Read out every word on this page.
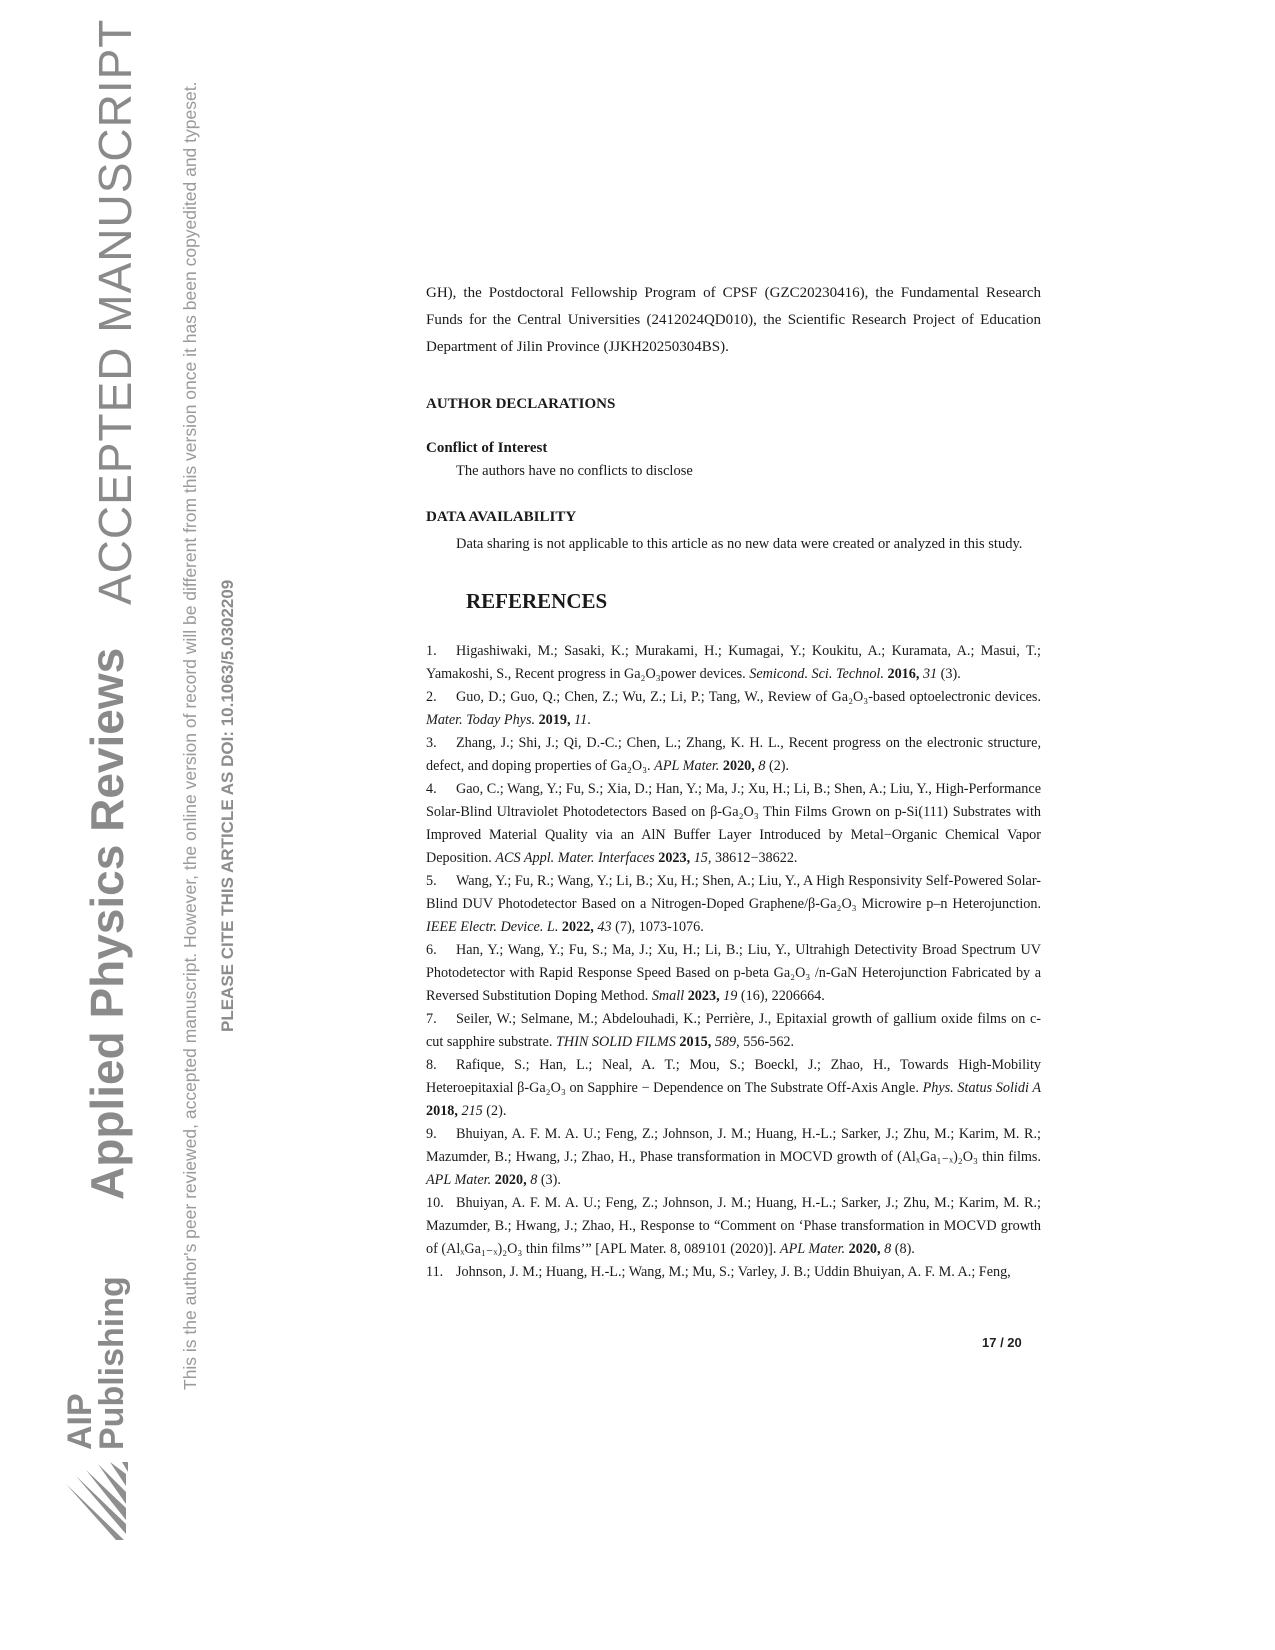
ACCEPTED MANUSCRIPT
Applied Physics Reviews	This is the author's peer reviewed, accepted manuscript. However, the online version of record will be different from this version once it has been copyedited and typeset. PLEASE CITE THIS ARTICLE AS DOI: 10.1063/5.0302209
AIP
Publishing

GH), the Postdoctoral Fellowship Program of CPSF (GZC20230416), the Fundamental Research Funds for the Central Universities (2412024QD010), the Scientific Research Project of Education Department of Jilin Province (JJKH20250304BS).

AUTHOR DECLARATIONS
Conflict of Interest
The authors have no conflicts to disclose
DATA AVAILABILITY
Data sharing is not applicable to this article as no new data were created or analyzed in this study.
REFERENCES

1. Higashiwaki, M.; Sasaki, K.; Murakami, H.; Kumagai, Y.; Koukitu, A.; Kuramata, A.; Masui, T.; Yamakoshi, S., Recent progress in Ga₂O₃power devices. Semicond. Sci. Technol. 2016, 31 (3).

2. Guo, D.; Guo, Q.; Chen, Z.; Wu, Z.; Li, P.; Tang, W., Review of Ga₂O₃-based optoelectronic devices. Mater. Today Phys. 2019, 11.

3. Zhang, J.; Shi, J.; Qi, D.-C.; Chen, L.; Zhang, K. H. L., Recent progress on the electronic structure, defect, and doping properties of Ga₂O₃. APL Mater. 2020, 8 (2).

4. Gao, C.; Wang, Y.; Fu, S.; Xia, D.; Han, Y.; Ma, J.; Xu, H.; Li, B.; Shen, A.; Liu, Y., High-Performance Solar-Blind Ultraviolet Photodetectors Based on β-Ga₂O₃ Thin Films Grown on p-Si(111) Substrates with Improved Material Quality via an AlN Buffer Layer Introduced by Metal−Organic Chemical Vapor Deposition. ACS Appl. Mater. Interfaces 2023, 15, 38612−38622.

5. Wang, Y.; Fu, R.; Wang, Y.; Li, B.; Xu, H.; Shen, A.; Liu, Y., A High Responsivity Self-Powered Solar-Blind DUV Photodetector Based on a Nitrogen-Doped Graphene/β-Ga₂O₃ Microwire p–n Heterojunction. IEEE Electr. Device. L. 2022, 43 (7), 1073-1076.

6. Han, Y.; Wang, Y.; Fu, S.; Ma, J.; Xu, H.; Li, B.; Liu, Y., Ultrahigh Detectivity Broad Spectrum UV Photodetector with Rapid Response Speed Based on p-beta Ga₂O₃ /n-GaN Heterojunction Fabricated by a Reversed Substitution Doping Method. Small 2023, 19 (16), 2206664.

7. Seiler, W.; Selmane, M.; Abdelouhadi, K.; Perrière, J., Epitaxial growth of gallium oxide films on c-cut sapphire substrate. THIN SOLID FILMS 2015, 589, 556-562.

8. Rafique, S.; Han, L.; Neal, A. T.; Mou, S.; Boeckl, J.; Zhao, H., Towards High-Mobility Heteroepitaxial β-Ga₂O₃ on Sapphire − Dependence on The Substrate Off-Axis Angle. Phys. Status Solidi A 2018, 215 (2).

9. Bhuiyan, A. F. M. A. U.; Feng, Z.; Johnson, J. M.; Huang, H.-L.; Sarker, J.; Zhu, M.; Karim, M. R.; Mazumder, B.; Hwang, J.; Zhao, H., Phase transformation in MOCVD growth of (AlₓGa₁₋ₓ)₂O₃ thin films. APL Mater. 2020, 8 (3).

10. Bhuiyan, A. F. M. A. U.; Feng, Z.; Johnson, J. M.; Huang, H.-L.; Sarker, J.; Zhu, M.; Karim, M. R.; Mazumder, B.; Hwang, J.; Zhao, H., Response to “Comment on ‘Phase transformation in MOCVD growth of (AlₓGa₁₋ₓ)₂O₃ thin films’” [APL Mater. 8, 089101 (2020)]. APL Mater. 2020, 8 (8).

11. Johnson, J. M.; Huang, H.-L.; Wang, M.; Mu, S.; Varley, J. B.; Uddin Bhuiyan, A. F. M. A.; Feng,

17 / 20
